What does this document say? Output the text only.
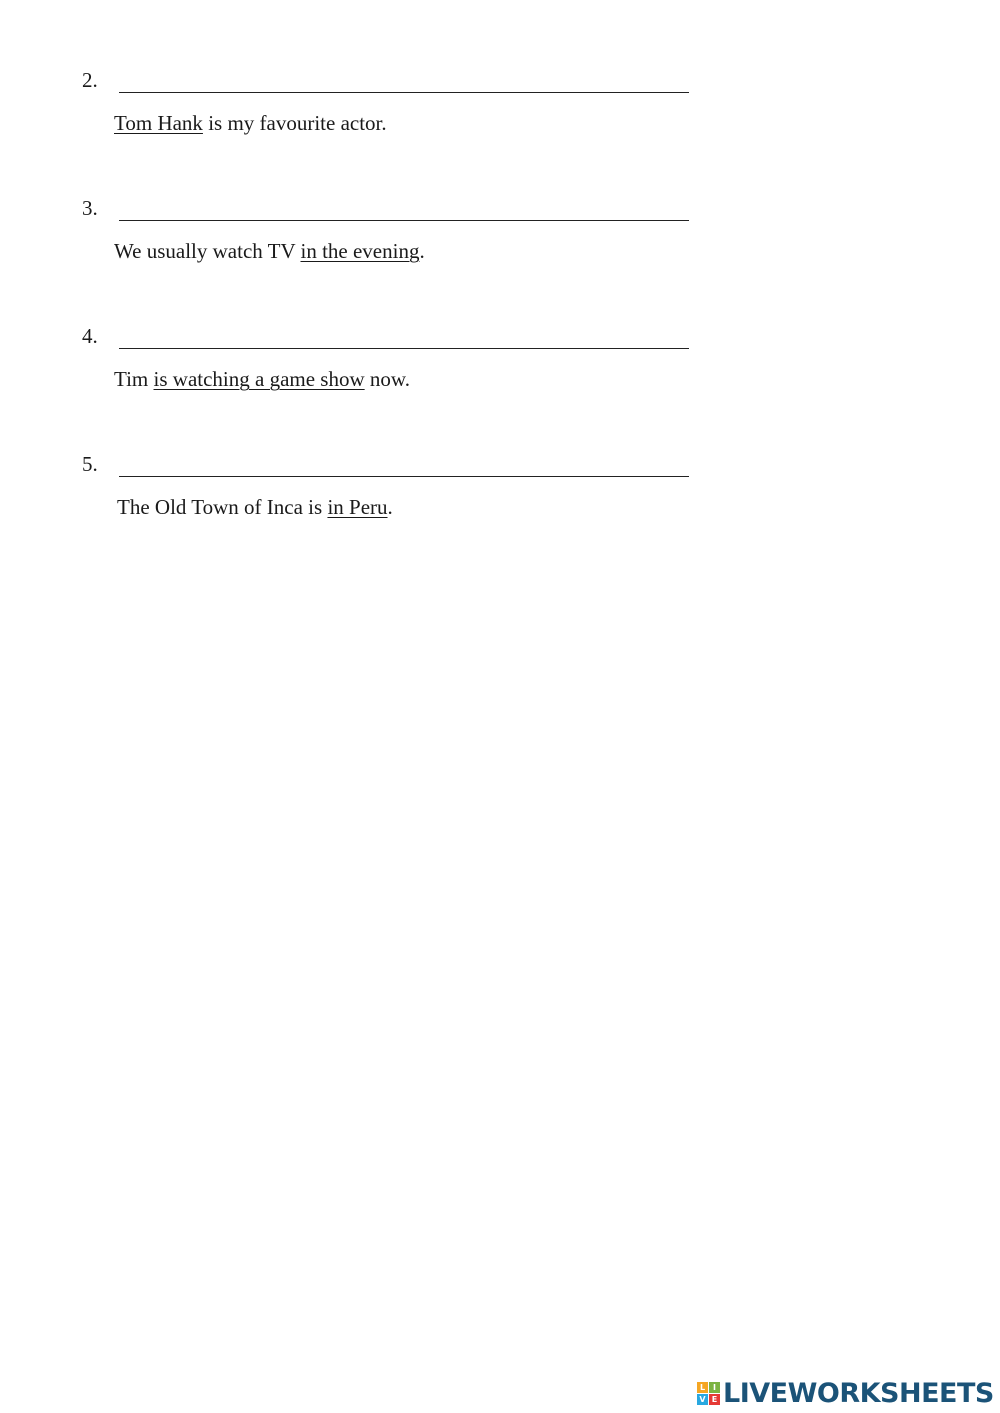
2.
Tom Hank is my favourite actor.
3.
We usually watch TV in the evening.
4.
Tim is watching a game show now.
5.
The Old Town of Inca is in Peru.
L I
V E LIVEWORKSHEETS
